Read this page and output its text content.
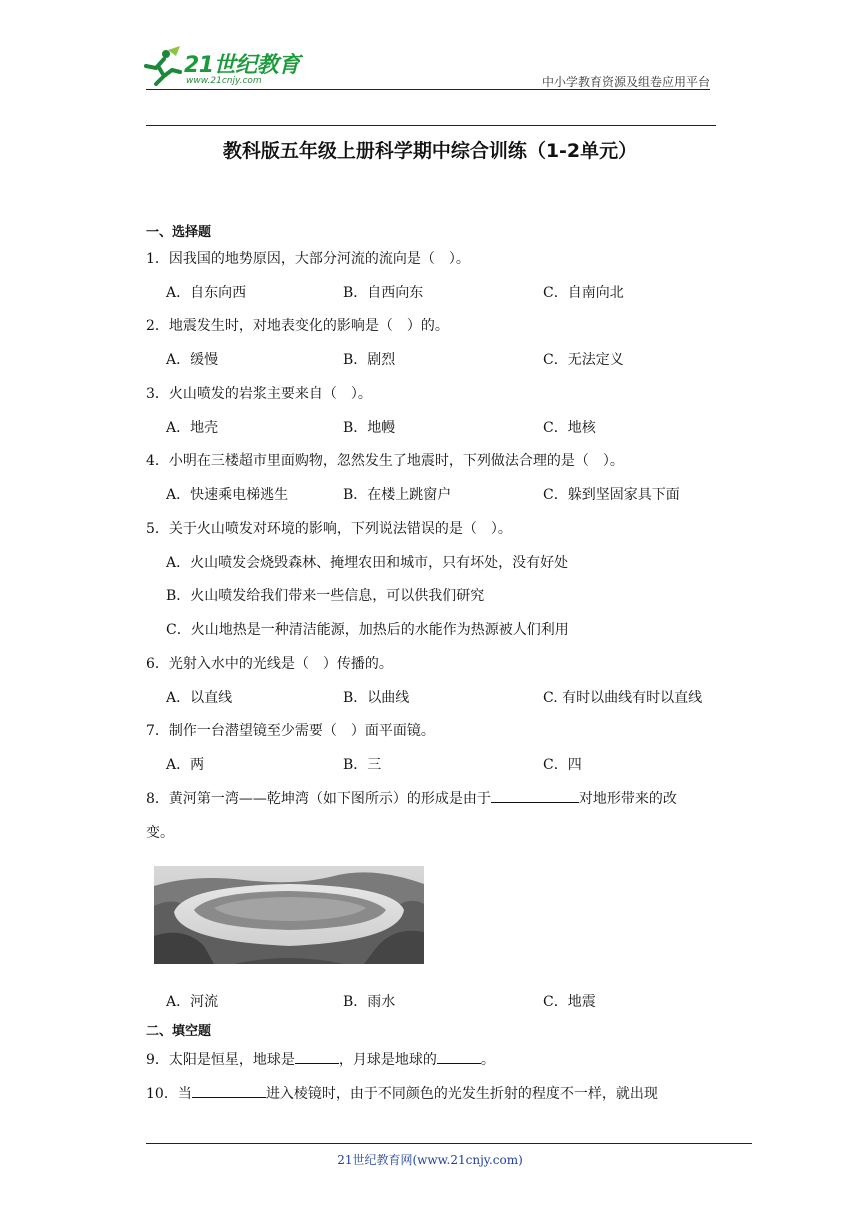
21世纪教育
www.21cnjy.com	中小学教育资源及组卷应用平台
教科版五年级上册科学期中综合训练（1-2单元）
一、选择题
1．因我国的地势原因，大部分河流的流向是（　）。
A．自东向西	B．自西向东	C．自南向北
2．地震发生时，对地表变化的影响是（　）的。
A．缓慢	B．剧烈	C．无法定义
3．火山喷发的岩浆主要来自（　）。
A．地壳	B．地幔	C．地核
4．小明在三楼超市里面购物，忽然发生了地震时，下列做法合理的是（　）。
A．快速乘电梯逃生	B．在楼上跳窗户	C．躲到坚固家具下面
5．关于火山喷发对环境的影响，下列说法错误的是（　）。
A．火山喷发会烧毁森林、掩埋农田和城市，只有坏处，没有好处
B．火山喷发给我们带来一些信息，可以供我们研究
C．火山地热是一种清洁能源，加热后的水能作为热源被人们利用
6．光射入水中的光线是（　）传播的。
A．以直线	B．以曲线	C. 有时以曲线有时以直线
7．制作一台潜望镜至少需要（　）面平面镜。
A．两	B．三	C．四
8．黄河第一湾——乾坤湾（如下图所示）的形成是由于	对地形带来的改
变。
A．河流	B．雨水	C．地震
二、填空题
9．太阳是恒星，地球是	，月球是地球的	。
10．当	进入棱镜时，由于不同颜色的光发生折射的程度不一样，就出现
21世纪教育网(www.21cnjy.com)
